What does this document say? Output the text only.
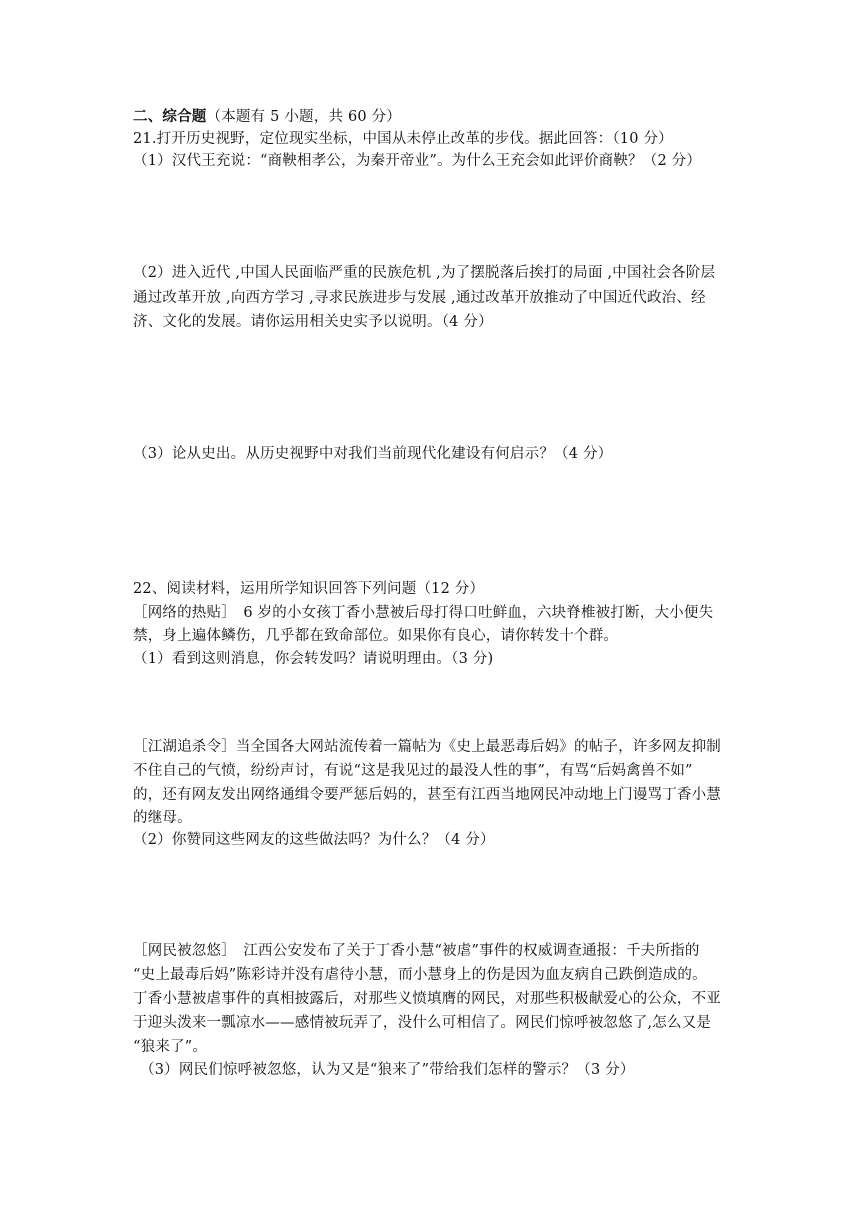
二、综合题（本题有 5 小题，共 60 分）
21.打开历史视野，定位现实坐标，中国从未停止改革的步伐。据此回答：（10 分）
（1）汉代王充说：“商鞅相孝公，为秦开帝业”。为什么王充会如此评价商鞅？（2 分）
（2）进入近代 ,中国人民面临严重的民族危机 ,为了摆脱落后挨打的局面 ,中国社会各阶层
通过改革开放 ,向西方学习 ,寻求民族进步与发展 ,通过改革开放推动了中国近代政治、经
济、文化的发展。请你运用相关史实予以说明。（4 分）
（3）论从史出。从历史视野中对我们当前现代化建设有何启示？（4 分）
22、阅读材料，运用所学知识回答下列问题（12 分）
［网络的热贴］　6 岁的小女孩丁香小慧被后母打得口吐鲜血，六块脊椎被打断，大小便失
禁，身上遍体鳞伤，几乎都在致命部位。如果你有良心，请你转发十个群。
（1）看到这则消息，你会转发吗？请说明理由。（3 分)
［江湖追杀令］当全国各大网站流传着一篇帖为《史上最恶毒后妈》的帖子，许多网友抑制
不住自己的气愤，纷纷声讨，有说“这是我见过的最没人性的事”，有骂“后妈禽兽不如”
的，还有网友发出网络通缉令要严惩后妈的，甚至有江西当地网民冲动地上门谩骂丁香小慧
的继母。
（2）你赞同这些网友的这些做法吗？为什么？（4 分）
［网民被忽悠］　江西公安发布了关于丁香小慧“被虐”事件的权威调查通报：千夫所指的
“史上最毒后妈”陈彩诗并没有虐待小慧，而小慧身上的伤是因为血友病自己跌倒造成的。
丁香小慧被虐事件的真相披露后，对那些义愤填膺的网民，对那些积极献爱心的公众，不亚
于迎头泼来一瓢凉水——感情被玩弄了，没什么可相信了。网民们惊呼被忽悠了,怎么又是
“狼来了”。
（3）网民们惊呼被忽悠，认为又是“狼来了”带给我们怎样的警示？（3 分）
